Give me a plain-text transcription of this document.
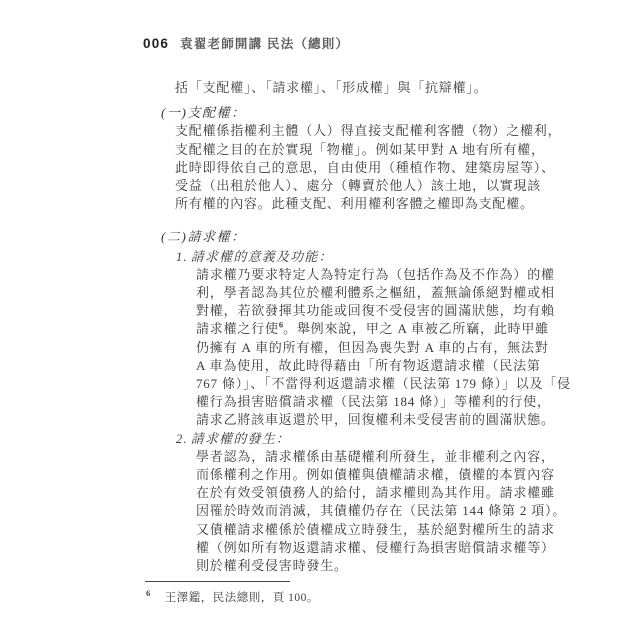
006 袁翟老師開講 民法（總則）
括「支配權」、「請求權」、「形成權」與「抗辯權」。
(一)支配權：
支配權係指權利主體（人）得直接支配權利客體（物）之權利，
支配權之目的在於實現「物權」。例如某甲對 A 地有所有權，
此時即得依自己的意思，自由使用（種植作物、建築房屋等）、
受益（出租於他人）、處分（轉賣於他人）該土地，以實現該
所有權的內容。此種支配、利用權利客體之權即為支配權。
(二)請求權：
1. 請求權的意義及功能：
請求權乃要求特定人為特定行為（包括作為及不作為）的權
利，學者認為其位於權利體系之樞紐，蓋無論係絕對權或相
對權，若欲發揮其功能或回復不受侵害的圓滿狀態，均有賴
請求權之行使$^6$。舉例來說，甲之 A 車被乙所竊，此時甲雖
仍擁有 A 車的所有權，但因為喪失對 A 車的占有，無法對
A 車為使用，故此時得藉由「所有物返還請求權（民法第
767 條）」、「不當得利返還請求權（民法第 179 條）」以及「侵
權行為損害賠償請求權（民法第 184 條）」等權利的行使，
請求乙將該車返還於甲，回復權利未受侵害前的圓滿狀態。
2. 請求權的發生：
學者認為，請求權係由基礎權利所發生，並非權利之內容，
而係權利之作用。例如債權與債權請求權，債權的本質內容
在於有效受領債務人的給付，請求權則為其作用。請求權雖
因罹於時效而消滅，其債權仍存在（民法第 144 條第 2 項）。
又債權請求權係於債權成立時發生，基於絕對權所生的請求
權（例如所有物返還請求權、侵權行為損害賠償請求權等）
則於權利受侵害時發生。
$^6$ 王澤鑑，民法總則，頁 100。
